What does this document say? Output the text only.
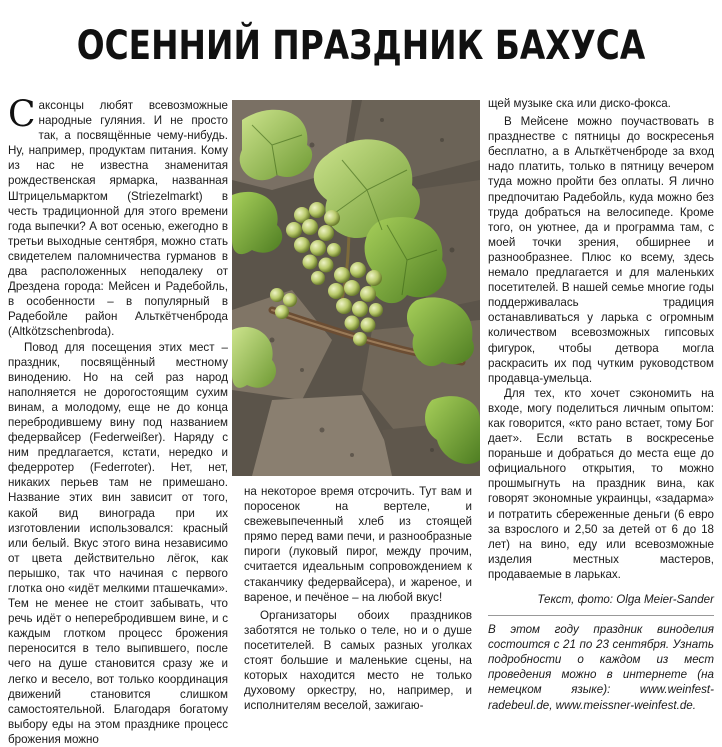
ОСЕННИЙ ПРАЗДНИК БАХУСА

Саксонцы любят всевозможные народные гуляния. И не просто так, а посвящённые чему-нибудь. Ну, например, продуктам питания. Кому из нас не известна знаменитая рождественская ярмарка, названная Штрицельмарктом (Striezelmarkt) в честь традиционной для этого времени года выпечки? А вот осенью, ежегодно в третьи выходные сентября, можно стать свидетелем паломничества гурманов в два расположенных неподалеку от Дрездена города: Мейсен и Радебойль, в особенности – в популярный в Радебойле район Альткётченброда (Altkötzschenbroda).

Повод для посещения этих мест – праздник, посвящённый местному винодению. Но на сей раз народ наполняется не дорогостоящим сухим винам, а молодому, еще не до конца перебродившему вину под названием федервайсер (Federweißer). Наряду с ним предлагается, кстати, нередко и федерротер (Federroter). Нет, нет, никаких перьев там не примешано. Название этих вин зависит от того, какой вид винограда при их изготовлении использовался: красный или белый. Вкус этого вина независимо от цвета действительно лёгок, как перышко, так что начиная с первого глотка оно «идёт мелкими пташечками». Тем не менее не стоит забывать, что речь идёт о неперебродившем вине, и с каждым глотком процесс брожения переносится в тело выпившего, после чего на душе становится сразу же и легко и весело, вот только координация движений становится слишком самостоятельной. Благодаря богатому выбору еды на этом празднике процесс брожения можно

на некоторое время отсрочить. Тут вам и поросенок на вертеле, и свежевыпеченный хлеб из стоящей прямо перед вами печи, и разнообразные пироги (луковый пирог, между прочим, считается идеальным сопровождением к стаканчику федервайсера), и жареное, и вареное, и печёное – на любой вкус!

Организаторы обоих праздников заботятся не только о теле, но и о душе посетителей. В самых разных уголках стоят большие и маленькие сцены, на которых находится место не только духовому оркестру, но, например, и исполнителям веселой, зажигаю-

щей музыке ска или диско-фокса.

В Мейсене можно поучаствовать в празднестве с пятницы до воскресенья бесплатно, а в Альткётченброде за вход надо платить, только в пятницу вечером туда можно пройти без оплаты. Я лично предпочитаю Радебойль, куда можно без труда добраться на велосипеде. Кроме того, он уютнее, да и программа там, с моей точки зрения, обширнее и разнообразнее. Плюс ко всему, здесь немало предлагается и для маленьких посетителей. В нашей семье многие годы поддерживалась традиция останавливаться у ларька с огромным количеством всевозможных гипсовых фигурок, чтобы детвора могла раскрасить их под чутким руководством продавца-умельца.

Для тех, кто хочет сэкономить на входе, могу поделиться личным опытом: как говорится, «кто рано встает, тому Бог дает». Если встать в воскресенье пораньше и добраться до места еще до официального открытия, то можно прошмыгнуть на праздник вина, как говорят экономные украинцы, «задарма» и потратить сбереженные деньги (6 евро за взрослого и 2,50 за детей от 6 до 18 лет) на вино, еду или всевозможные изделия местных мастеров, продаваемые в ларьках.

Текст, фото: Olga Meier-Sander

В этом году праздник виноделия состоится с 21 по 23 сентября. Узнать подробности о каждом из мест проведения можно в интернете (на немецком языке): www.weinfest-radebeul.de, www.meissner-weinfest.de.
